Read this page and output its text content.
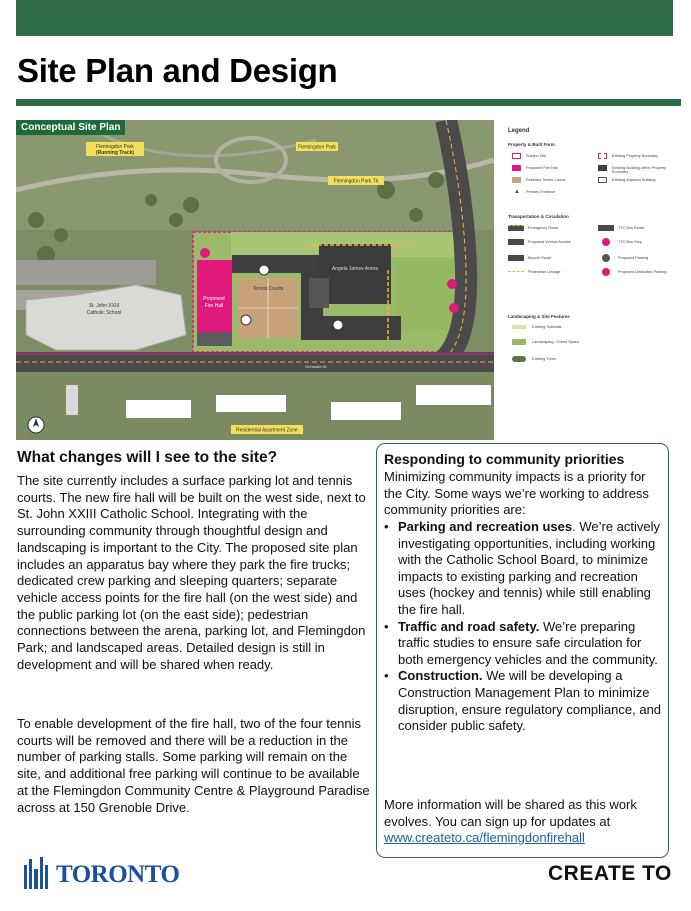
Site Plan and Design
Conceptual Site Plan
Flemingdon Park
(Running Track)
Flemingdon Park
Flemingdon Park Trl
St. John XXIII
Catholic School
Proposed
Fire Hall
Tennis Courts
Angela James Arena
Grenoble Dr
Residential Apartment Zone
Legend
Property & Built Form
Subject Site	Existing Property Boundary
Proposed Fire Hall	Existing Building within Property Boundary
Retained Tennis Courts	Existing Adjacent Building
Primary Entrance
▲
Transportation & Circulation
Emergency Route	TTC Bus Route
Proposed Vehicle Access	TTC Bus Stop
Bicycle Route	Proposed Parking
Pedestrian Linkage	Proposed Dedicated Parking
Landscaping & Site Features
Existing Sidewalk
Landscaping / Green Space
Existing Trees
What changes will I see to the site?

The site currently includes a surface parking lot and tennis courts. The new fire hall will be built on the west side, next to St. John XXIII Catholic School. Integrating with the surrounding community through thoughtful design and landscaping is important to the City. The proposed site plan includes an apparatus bay where they park the fire trucks; dedicated crew parking and sleeping quarters; separate vehicle access points for the fire hall (on the west side) and the public parking lot (on the east side); pedestrian connections between the arena, parking lot, and Flemingdon Park; and landscaped areas. Detailed design is still in development and will be shared when ready.

To enable development of the fire hall, two of the four tennis courts will be removed and there will be a reduction in the number of parking stalls. Some parking will remain on the site, and additional free parking will continue to be available at the Flemingdon Community Centre & Playground Paradise across at 150 Grenoble Drive.

Responding to community priorities

Minimizing community impacts is a priority for the City. Some ways we’re working to address community priorities are:

• Parking and recreation uses. We’re actively investigating opportunities, including working with the Catholic School Board, to minimize impacts to existing parking and recreation uses (hockey and tennis) while still enabling the fire hall.
• Traffic and road safety. We’re preparing traffic studies to ensure safe circulation for both emergency vehicles and the community.
• Construction. We will be developing a Construction Management Plan to minimize disruption, ensure regulatory compliance, and consider public safety.

More information will be shared as this work evolves. You can sign up for updates at www.createto.ca/flemingdonfirehall

TORONTO	CREATE TO
